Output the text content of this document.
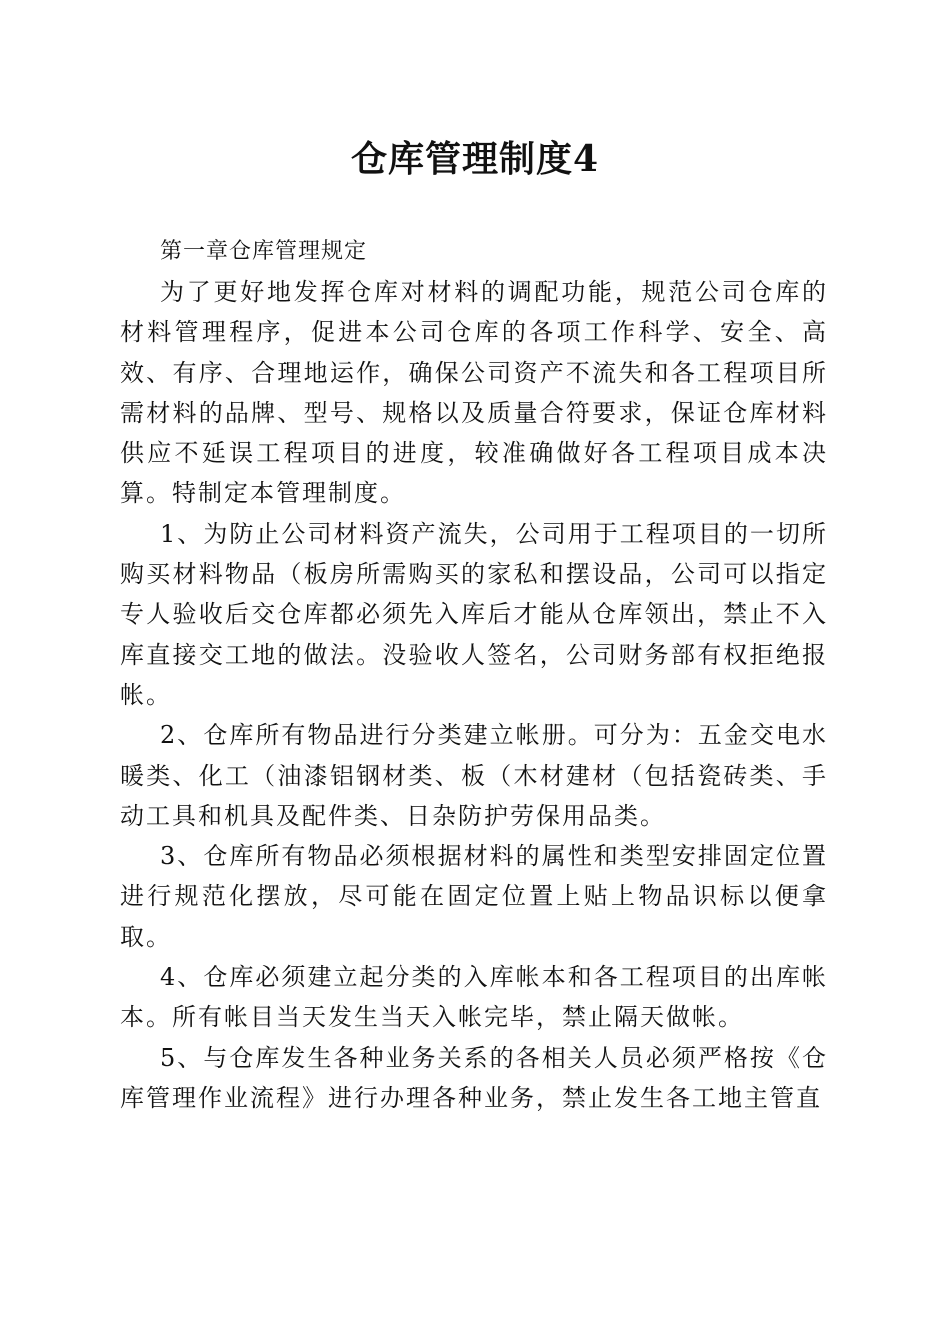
仓库管理制度4

第一章仓库管理规定

为了更好地发挥仓库对材料的调配功能，规范公司仓库的材料管理程序，促进本公司仓库的各项工作科学、安全、高效、有序、合理地运作，确保公司资产不流失和各工程项目所需材料的品牌、型号、规格以及质量合符要求，保证仓库材料供应不延误工程项目的进度，较准确做好各工程项目成本决算。特制定本管理制度。

1、为防止公司材料资产流失，公司用于工程项目的一切所购买材料物品（板房所需购买的家私和摆设品，公司可以指定专人验收后交仓库都必须先入库后才能从仓库领出，禁止不入库直接交工地的做法。没验收人签名，公司财务部有权拒绝报帐。

2、仓库所有物品进行分类建立帐册。可分为：五金交电水暖类、化工（油漆铝钢材类、板（木材建材（包括瓷砖类、手动工具和机具及配件类、日杂防护劳保用品类。

3、仓库所有物品必须根据材料的属性和类型安排固定位置进行规范化摆放，尽可能在固定位置上贴上物品识标以便拿取。

4、仓库必须建立起分类的入库帐本和各工程项目的出库帐本。所有帐目当天发生当天入帐完毕，禁止隔天做帐。

5、与仓库发生各种业务关系的各相关人员必须严格按《仓库管理作业流程》进行办理各种业务，禁止发生各工地主管直
